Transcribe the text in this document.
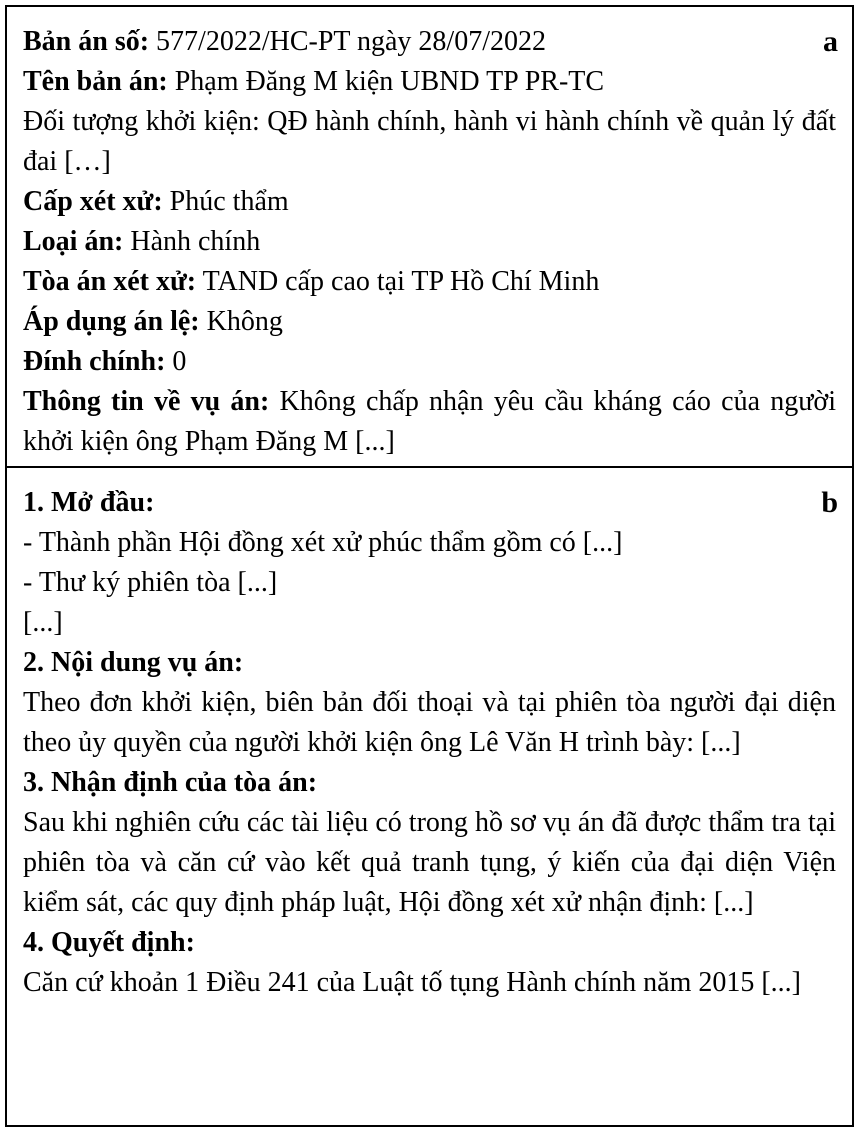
a
Bản án số: 577/2022/HC-PT ngày 28/07/2022
Tên bản án: Phạm Đăng M kiện UBND TP PR-TC
Đối tượng khởi kiện: QĐ hành chính, hành vi hành chính về quản lý đất đai […]
Cấp xét xử: Phúc thẩm
Loại án: Hành chính
Tòa án xét xử: TAND cấp cao tại TP Hồ Chí Minh
Áp dụng án lệ: Không
Đính chính: 0
Thông tin về vụ án: Không chấp nhận yêu cầu kháng cáo của người khởi kiện ông Phạm Đăng M [...]
b
1. Mở đầu:
- Thành phần Hội đồng xét xử phúc thẩm gồm có [...]
- Thư ký phiên tòa [...]
[...]
2. Nội dung vụ án:
Theo đơn khởi kiện, biên bản đối thoại và tại phiên tòa người đại diện theo ủy quyền của người khởi kiện ông Lê Văn H trình bày: [...]
3. Nhận định của tòa án:
Sau khi nghiên cứu các tài liệu có trong hồ sơ vụ án đã được thẩm tra tại phiên tòa và căn cứ vào kết quả tranh tụng, ý kiến của đại diện Viện kiểm sát, các quy định pháp luật, Hội đồng xét xử nhận định: [...]
4. Quyết định:
Căn cứ khoản 1 Điều 241 của Luật tố tụng Hành chính năm 2015 [...]
